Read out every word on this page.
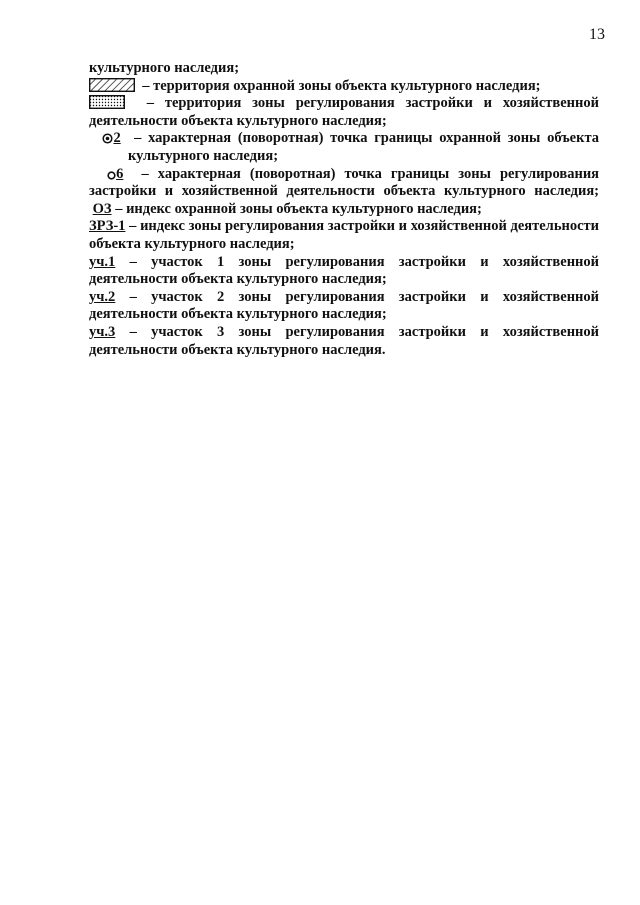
13

культурного наследия;

– территория охранной зоны объекта культурного наследия;

– территория зоны регулирования застройки и хозяйственной

деятельности объекта культурного наследия;

2 – характерная (поворотная) точка границы охранной зоны объекта

культурного наследия;

6 – характерная (поворотная) точка границы зоны регулирования

застройки и хозяйственной деятельности объекта культурного наследия;

ОЗ – индекс охранной зоны объекта культурного наследия;

ЗРЗ-1 – индекс зоны регулирования застройки и хозяйственной деятельности

объекта культурного наследия;

уч.1 – участок 1 зоны регулирования застройки и хозяйственной

деятельности объекта культурного наследия;

уч.2 – участок 2 зоны регулирования застройки и хозяйственной

деятельности объекта культурного наследия;

уч.3 – участок 3 зоны регулирования застройки и хозяйственной

деятельности объекта культурного наследия.
